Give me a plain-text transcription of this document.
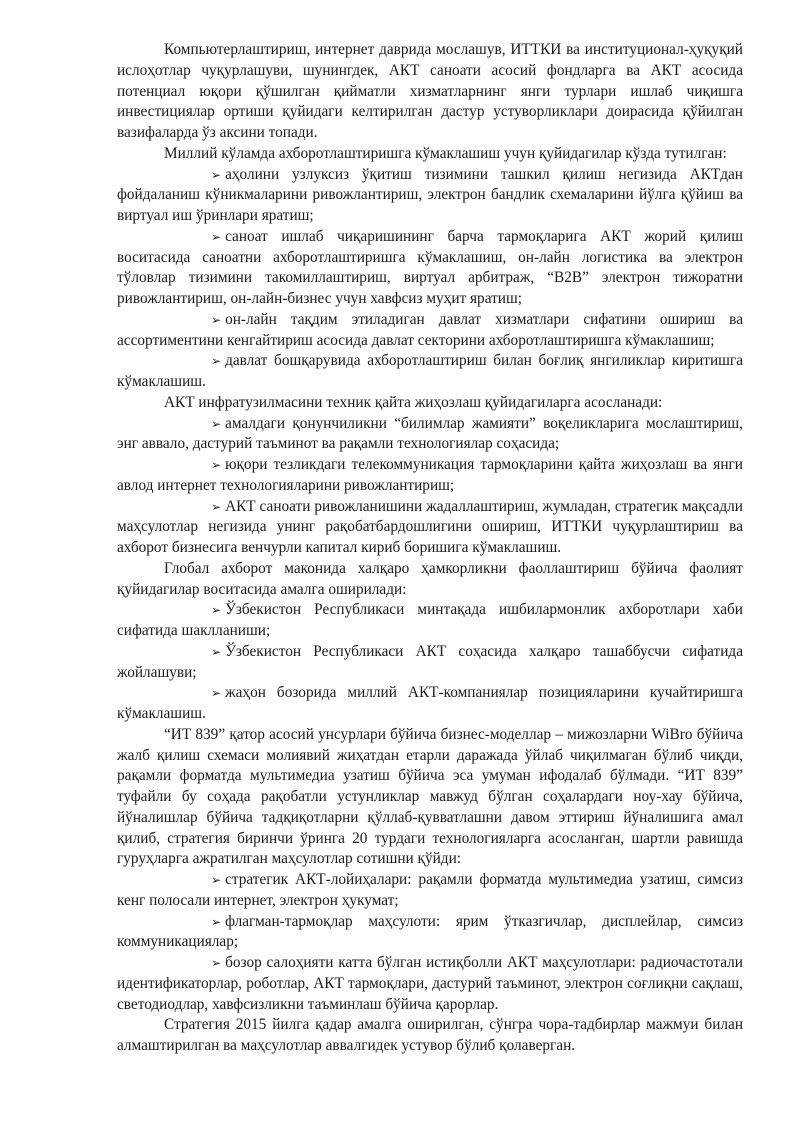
Компьютерлаштириш, интернет даврида мослашув, ИТТКИ ва институционал-ҳуқуқий ислоҳотлар чуқурлашуви, шунингдек, АКТ саноати асосий фондларга ва АКТ асосида потенциал юқори қўшилган қийматли хизматларнинг янги турлари ишлаб чиқишга инвестициялар ортиши қуйидаги келтирилган дастур устуворликлари доирасида қўйилган вазифаларда ўз аксини топади.

Миллий кўламда ахборотлаштиришга кўмаклашиш учун қуйидагилар кўзда тутилган:

➢ аҳолини узлуксиз ўқитиш тизимини ташкил қилиш негизида АКТдан фойдаланиш кўникмаларини ривожлантириш, электрон бандлик схемаларини йўлга қўйиш ва виртуал иш ўринлари яратиш;

➢ саноат ишлаб чиқаришининг барча тармоқларига АКТ жорий қилиш воситасида саноатни ахборотлаштиришга кўмаклашиш, он-лайн логистика ва электрон тўловлар тизимини такомиллаштириш, виртуал арбитраж, “В2В” электрон тижоратни ривожлантириш, он-лайн-бизнес учун хавфсиз муҳит яратиш;

➢ он-лайн тақдим этиладиган давлат хизматлари сифатини ошириш ва ассортиментини кенгайтириш асосида давлат секторини ахборотлаштиришга кўмаклашиш;

➢ давлат бошқарувида ахборотлаштириш билан боғлиқ янгиликлар киритишга кўмаклашиш.

АКТ инфратузилмасини техник қайта жиҳозлаш қуйидагиларга асосланади:

➢ амалдаги қонунчиликни “билимлар жамияти” воқеликларига мослаштириш, энг аввало, дастурий таъминот ва рақамли технологиялар соҳасида;

➢ юқори тезликдаги телекоммуникация тармоқларини қайта жиҳозлаш ва янги авлод интернет технологияларини ривожлантириш;

➢ АКТ саноати ривожланишини жадаллаштириш, жумладан, стратегик мақсадли маҳсулотлар негизида унинг рақобатбардошлигини ошириш, ИТТКИ чуқурлаштириш ва ахборот бизнесига венчурли капитал кириб боришига кўмаклашиш.

Глобал ахборот маконида халқаро ҳамкорликни фаоллаштириш бўйича фаолият қуйидагилар воситасида амалга оширилади:

➢ Ўзбекистон Республикаси минтақада ишбилармонлик ахборотлари хаби сифатида шаклланиши;

➢ Ўзбекистон Республикаси АКТ соҳасида халқаро ташаббусчи сифатида жойлашуви;

➢ жаҳон бозорида миллий АКТ-компаниялар позицияларини кучайтиришга кўмаклашиш.

“ИТ 839” қатор асосий унсурлари бўйича бизнес-моделлар – мижозларни WiBro бўйича жалб қилиш схемаси молиявий жиҳатдан етарли даражада ўйлаб чиқилмаган бўлиб чиқди, рақамли форматда мультимедиа узатиш бўйича эса умуман ифодалаб бўлмади. “ИТ 839” туфайли бу соҳада рақобатли устунликлар мавжуд бўлган соҳалардаги ноу-хау бўйича, йўналишлар бўйича тадқиқотларни қўллаб-қувватлашни давом эттириш йўналишига амал қилиб, стратегия биринчи ўринга 20 турдаги технологияларга асосланган, шартли равишда гуруҳларга ажратилган маҳсулотлар сотишни қўйди:

➢ стратегик АКТ-лойиҳалари: рақамли форматда мультимедиа узатиш, симсиз кенг полосали интернет, электрон ҳукумат;

➢ флагман-тармоқлар маҳсулоти: ярим ўтказгичлар, дисплейлар, симсиз коммуникациялар;

➢ бозор салоҳияти катта бўлган истиқболли АКТ маҳсулотлари: радиочастотали идентификаторлар, роботлар, АКТ тармоқлари, дастурий таъминот, электрон сοғлиқни сақлаш, светодиодлар, хавфсизликни таъминлаш бўйича қарорлар.

Стратегия 2015 йилга қадар амалга оширилган, сўнгра чора-тадбирлар мажмуи билан алмаштирилган ва маҳсулотлар аввалгидек устувор бўлиб қолаверган.
